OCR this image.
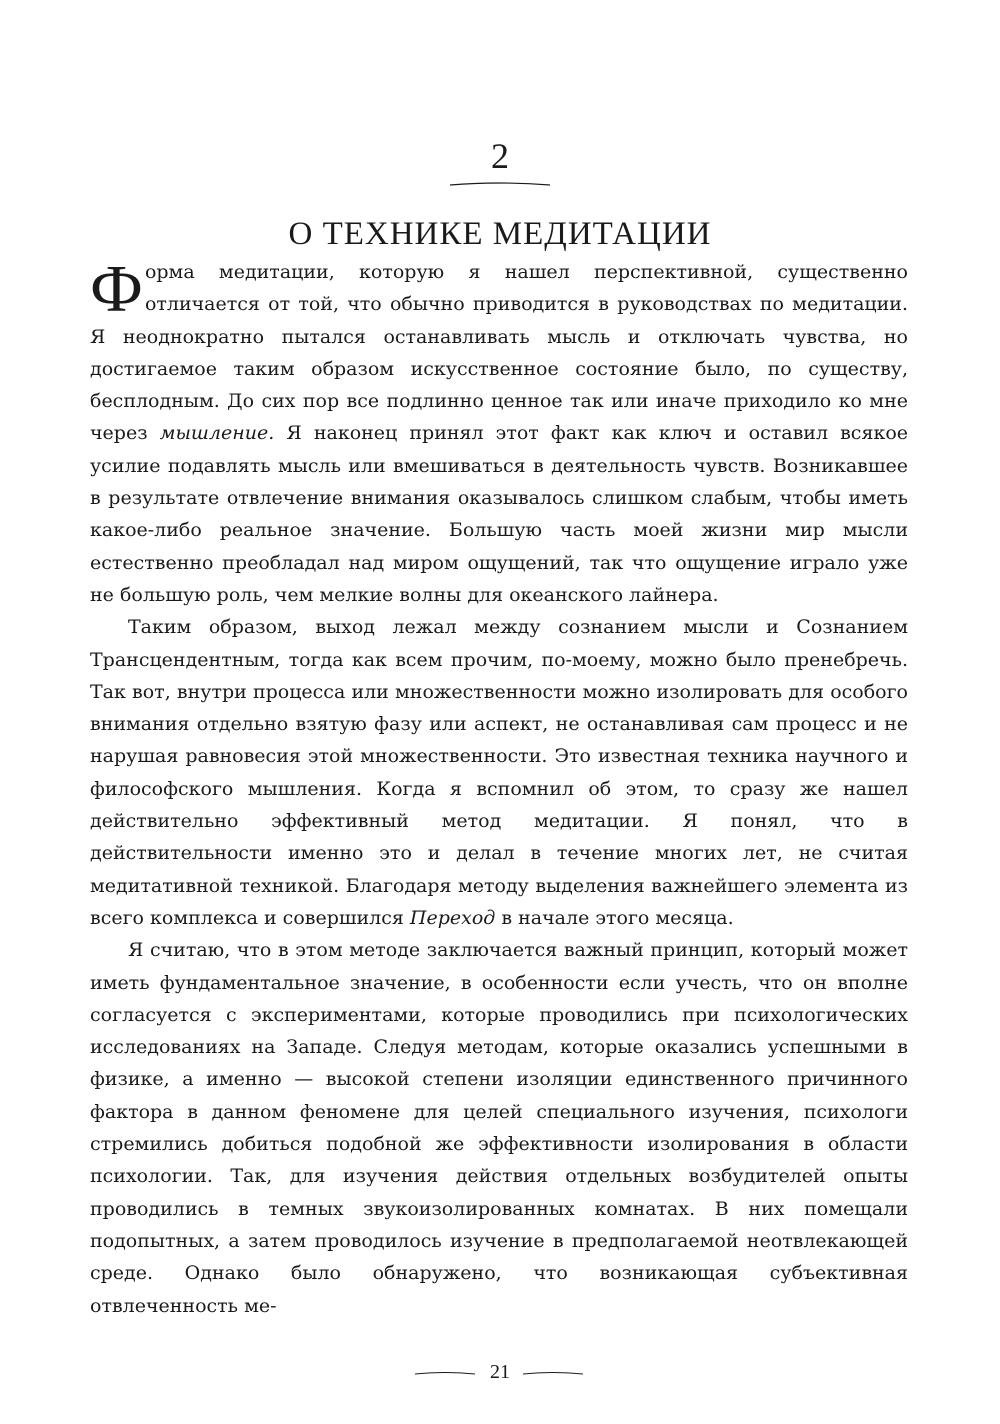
2
О ТЕХНИКЕ МЕДИТАЦИИ

Форма медитации, которую я нашел перспективной, существенно отличается от той, что обычно приводится в руководствах по медитации. Я неоднократно пытался останавливать мысль и отключать чувства, но достигаемое таким образом искусственное состояние было, по существу, бесплодным. До сих пор все подлинно ценное так или иначе приходило ко мне через мышление. Я наконец принял этот факт как ключ и оставил всякое усилие подавлять мысль или вмешиваться в деятельность чувств. Возникавшее в результате отвлечение внимания оказывалось слишком слабым, чтобы иметь какое-либо реальное значение. Большую часть моей жизни мир мысли естественно преобладал над миром ощущений, так что ощущение играло уже не большую роль, чем мелкие волны для океанского лайнера.

Таким образом, выход лежал между сознанием мысли и Сознанием Трансцендентным, тогда как всем прочим, по-моему, можно было пренебречь. Так вот, внутри процесса или множественности можно изолировать для особого внимания отдельно взятую фазу или аспект, не останавливая сам процесс и не нарушая равновесия этой множественности. Это известная техника научного и философского мышления. Когда я вспомнил об этом, то сразу же нашел действительно эффективный метод медитации. Я понял, что в действительности именно это и делал в течение многих лет, не считая медитативной техникой. Благодаря методу выделения важнейшего элемента из всего комплекса и совершился Переход в начале этого месяца.

Я считаю, что в этом методе заключается важный принцип, который может иметь фундаментальное значение, в особенности если учесть, что он вполне согласуется с экспериментами, которые проводились при психологических исследованиях на Западе. Следуя методам, которые оказались успешными в физике, а именно — высокой степени изоляции единственного причинного фактора в данном феномене для целей специального изучения, психологи стремились добиться подобной же эффективности изолирования в области психологии. Так, для изучения действия отдельных возбудителей опыты проводились в темных звукоизолированных комнатах. В них помещали подопытных, а затем проводилось изучение в предполагаемой неотвлекающей среде. Однако было обнаружено, что возникающая субъективная отвлеченность ме-

21
